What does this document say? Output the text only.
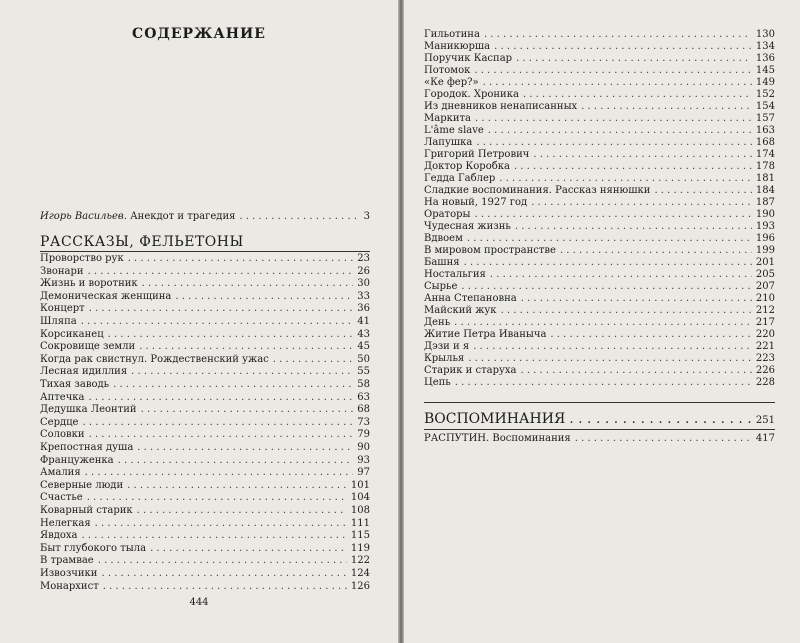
СОДЕРЖАНИЕ
Игорь Васильев. Анекдот и трагедия . .	3
РАССКАЗЫ, ФЕЛЬЕТОНЫ
Проворство рук . .	23
Звонари . .	26
Жизнь и воротник . .	30
Демоническая женщина . .	33
Концерт . .	36
Шляпа . .	41
Корсиканец . .	43
Сокровище земли . .	45
Когда рак свистнул. Рождественский ужас . .	50
Лесная идиллия . .	55
Тихая заводь . .	58
Аптечка . .	63
Дедушка Леонтий . .	68
Сердце . .	73
Соловки . .	79
Крепостная душа . .	90
Француженка . .	93
Амалия . .	97
Северные люди . .	101
Счастье . .	104
Коварный старик . .	108
Нелегкая . .	111
Явдоха . .	115
Быт глубокого тыла . .	119
В трамвае . .	122
Извозчики . .	124
Монархист . .	126
444
Гильотина . .	130
Маникюрша . .	134
Поручик Каспар . .	136
Потомок . .	145
«Ке фер?» . .	149
Городок. Хроника . .	152
Из дневников ненаписанных . .	154
Маркита . .	157
L'âme slave . .	163
Лапушка . .	168
Григорий Петрович . .	174
Доктор Коробка . .	178
Гедда Габлер . .	181
Сладкие воспоминания. Рассказ нянюшки . .	184
На новый, 1927 год . .	187
Ораторы . .	190
Чудесная жизнь . .	193
Вдвоем . .	196
В мировом пространстве . .	199
Башня . .	201
Ностальгия . .	205
Сырье . .	207
Анна Степановна . .	210
Майский жук . .	212
День . .	217
Житие Петра Иваныча . .	220
Дэзи и я . .	221
Крылья . .	223
Старик и старуха . .	226
Цепь . .	228
ВОСПОМИНАНИЯ . .	251
РАСПУТИН. Воспоминания . .	417
